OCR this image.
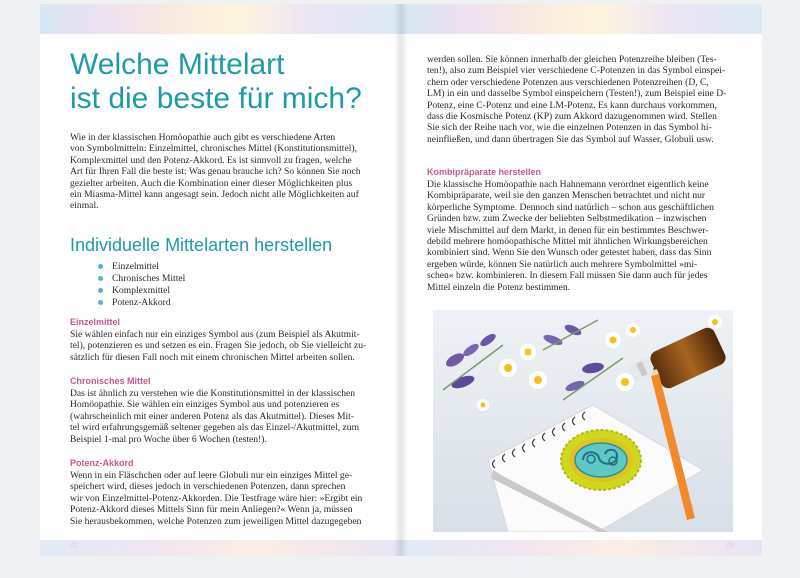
Welche Mittelart
ist die beste für mich?

Wie in der klassischen Homöopathie auch gibt es verschiedene Arten
von Symbolmitteln: Einzelmittel, chronisches Mittel (Konstitutionsmittel),
Komplexmittel und den Potenz-Akkord. Es ist sinnvoll zu fragen, welche
Art für Ihren Fall die beste ist: Was genau brauche ich? So können Sie noch
gezielter arbeiten. Auch die Kombination einer dieser Möglichkeiten plus
ein Miasma-Mittel kann angesagt sein. Jedoch nicht alle Möglichkeiten auf
einmal.

Individuelle Mittelarten herstellen
Einzelmittel
Chronisches Mittel
Komplexmittel
Potenz-Akkord
Einzelmittel

Sie wählen einfach nur ein einziges Symbol aus (zum Beispiel als Akutmit-
tel), potenzieren es und setzen es ein. Fragen Sie jedoch, ob Sie vielleicht zu-
sätzlich für diesen Fall noch mit einem chronischen Mittel arbeiten sollen.

Chronisches Mittel

Das ist ähnlich zu verstehen wie die Konstitutionsmittel in der klassischen
Homöopathie. Sie wählen ein einziges Symbol aus und potenzieren es
(wahrscheinlich mit einer anderen Potenz als das Akutmittel). Dieses Mit-
tel wird erfahrungsgemäß seltener gegeben als das Einzel-/Akutmittel, zum
Beispiel 1-mal pro Woche über 6 Wochen (testen!).

Potenz-Akkord

Wenn in ein Fläschchen oder auf leere Globuli nur ein einziges Mittel ge-
speichert wird, dieses jedoch in verschiedenen Potenzen, dann sprechen
wir von Einzelmittel-Potenz-Akkorden. Die Testfrage wäre hier: »Ergibt ein
Potenz-Akkord dieses Mittels Sinn für mein Anliegen?« Wenn ja, müssen
Sie herausbekommen, welche Potenzen zum jeweiligen Mittel dazugegeben

werden sollen. Sie können innerhalb der gleichen Potenzreihe bleiben (Tes-
ten!), also zum Beispiel vier verschiedene C-Potenzen in das Symbol einspei-
chern oder verschiedene Potenzen aus verschiedenen Potenzreihen (D, C,
LM) in ein und dasselbe Symbol einspeichern (Testen!), zum Beispiel eine D-
Potenz, eine C-Potenz und eine LM-Potenz. Es kann durchaus vorkommen,
dass die Kosmische Potenz (KP) zum Akkord dazugenommen wird. Stellen
Sie sich der Reihe nach vor, wie die einzelnen Potenzen in das Symbol hi-
neinfließen, und dann übertragen Sie das Symbol auf Wasser, Globuli usw.

Kombipräparate herstellen

Die klassische Homöopathie nach Hahnemann verordnet eigentlich keine
Kombipräparate, weil sie den ganzen Menschen betrachtet und nicht nur
körperliche Symptome. Dennoch sind natürlich – schon aus geschäftlichen
Gründen bzw. zum Zwecke der beliebten Selbstmedikation – inzwischen
viele Mischmittel auf dem Markt, in denen für ein bestimmtes Beschwer-
debild mehrere homöopathische Mittel mit ähnlichen Wirkungsbereichen
kombiniert sind. Wenn Sie den Wunsch oder getestet haben, dass das Sinn
ergeben würde, können Sie natürlich auch mehrere Symbolmittel »mi-
schen« bzw. kombinieren. In diesem Fall müssen Sie dann auch für jedes
Mittel einzeln die Potenz bestimmen.
